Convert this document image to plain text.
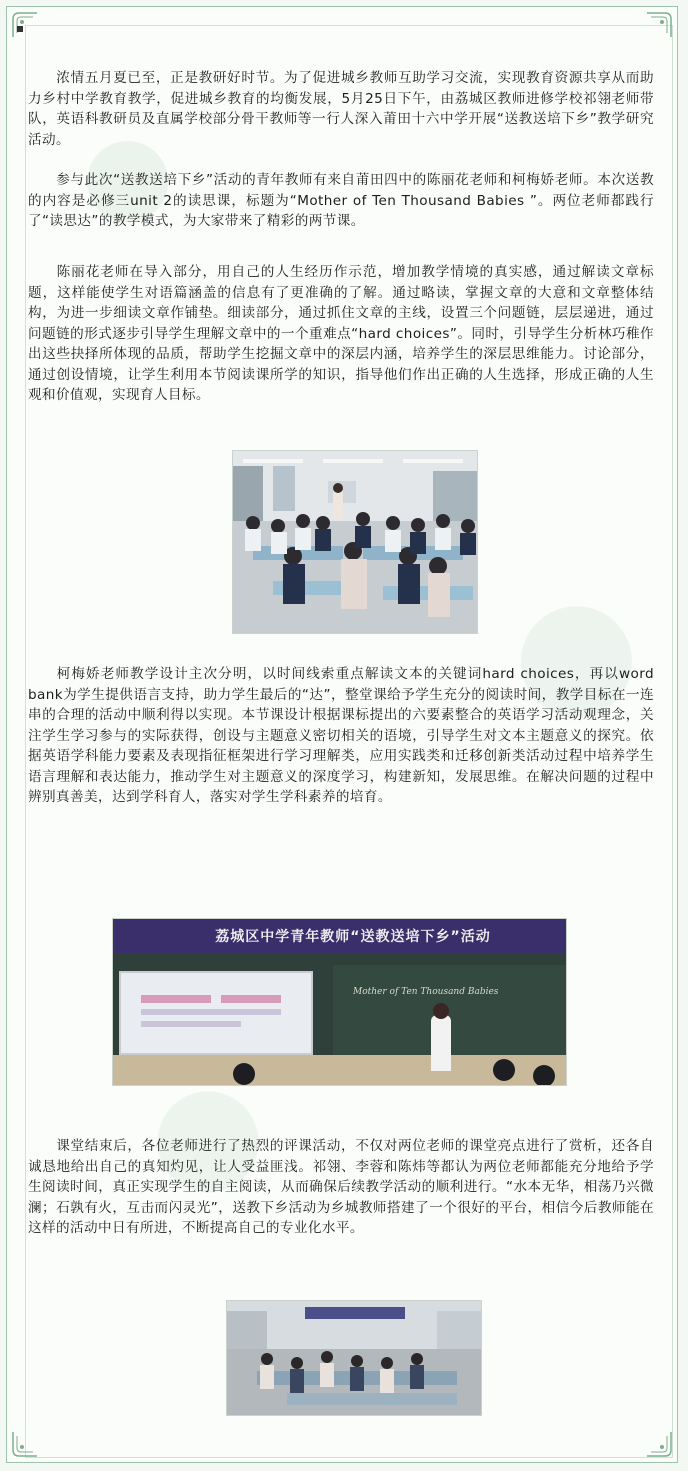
浓情五月夏已至，正是教研好时节。为了促进城乡教师互助学习交流，实现教育资源共享从而助力乡村中学教育教学，促进城乡教育的均衡发展，5月25日下午，由荔城区教师进修学校祁翎老师带队，英语科教研员及直属学校部分骨干教师等一行人深入莆田十六中学开展“送教送培下乡”教学研究活动。

参与此次“送教送培下乡”活动的青年教师有来自莆田四中的陈丽花老师和柯梅娇老师。本次送教的内容是必修三unit 2的读思课，标题为“Mother of Ten Thousand Babies ”。两位老师都践行了“读思达”的教学模式，为大家带来了精彩的两节课。

陈丽花老师在导入部分，用自己的人生经历作示范，增加教学情境的真实感，通过解读文章标题，这样能使学生对语篇涵盖的信息有了更准确的了解。通过略读，掌握文章的大意和文章整体结构，为进一步细读文章作铺垫。细读部分，通过抓住文章的主线，设置三个问题链，层层递进，通过问题链的形式逐步引导学生理解文章中的一个重难点“hard choices”。同时，引导学生分析林巧稚作出这些抉择所体现的品质，帮助学生挖掘文章中的深层内涵，培养学生的深层思维能力。讨论部分，通过创设情境，让学生利用本节阅读课所学的知识，指导他们作出正确的人生选择，形成正确的人生观和价值观，实现育人目标。

柯梅娇老师教学设计主次分明，以时间线索重点解读文本的关键词hard choices，再以word bank为学生提供语言支持，助力学生最后的“达”，整堂课给予学生充分的阅读时间，教学目标在一连串的合理的活动中顺利得以实现。本节课设计根据课标提出的六要素整合的英语学习活动观理念，关注学生学习参与的实际获得，创设与主题意义密切相关的语境，引导学生对文本主题意义的探究。依据英语学科能力要素及表现指征框架进行学习理解类，应用实践类和迁移创新类活动过程中培养学生语言理解和表达能力，推动学生对主题意义的深度学习，构建新知，发展思维。在解决问题的过程中辨别真善美，达到学科育人，落实对学生学科素养的培育。

荔城区中学青年教师“送教送培下乡”活动
Mother of Ten Thousand Babies

课堂结束后，各位老师进行了热烈的评课活动，不仅对两位老师的课堂亮点进行了赏析，还各自诚恳地给出自己的真知灼见，让人受益匪浅。祁翎、李蓉和陈炜等都认为两位老师都能充分地给予学生阅读时间，真正实现学生的自主阅读，从而确保后续教学活动的顺利进行。“水本无华，相荡乃兴微澜；石孰有火，互击而闪灵光”，送教下乡活动为乡城教师搭建了一个很好的平台，相信今后教师能在这样的活动中日有所进，不断提高自己的专业化水平。
